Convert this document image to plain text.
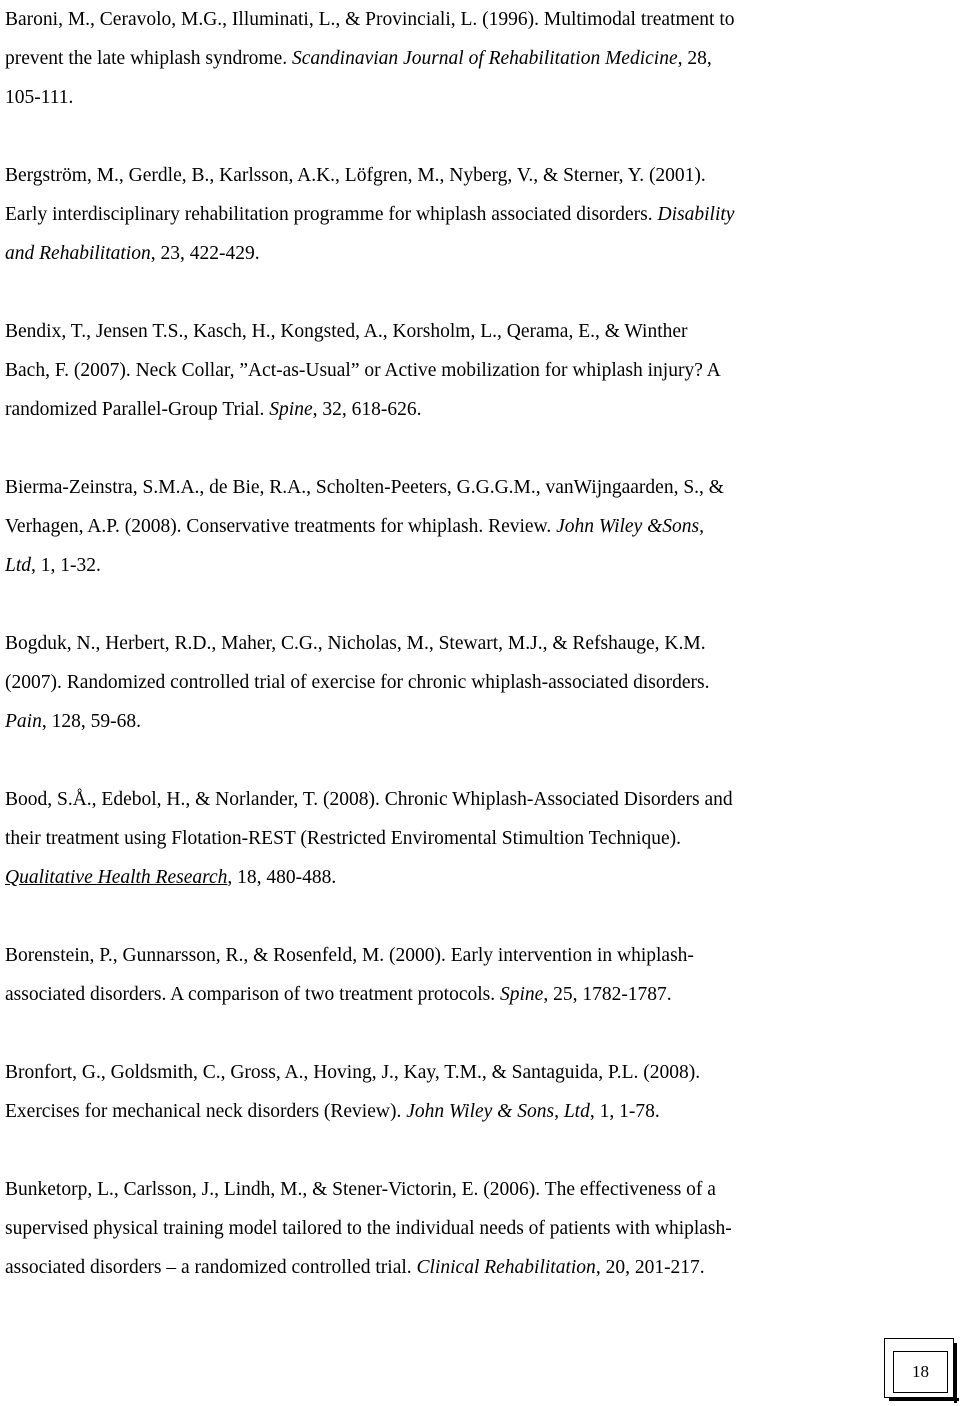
Baroni, M., Ceravolo, M.G., Illuminati, L., & Provinciali, L. (1996). Multimodal treatment to
prevent the late whiplash syndrome. Scandinavian Journal of Rehabilitation Medicine, 28,
105-111.
Bergström, M., Gerdle, B., Karlsson, A.K., Löfgren, M., Nyberg, V., & Sterner, Y. (2001).
Early interdisciplinary rehabilitation programme for whiplash associated disorders. Disability
and Rehabilitation, 23, 422-429.
Bendix, T., Jensen T.S., Kasch, H., Kongsted, A., Korsholm, L., Qerama, E., & Winther
Bach, F. (2007). Neck Collar, ”Act-as-Usual” or Active mobilization for whiplash injury? A
randomized Parallel-Group Trial. Spine, 32, 618-626.
Bierma-Zeinstra, S.M.A., de Bie, R.A., Scholten-Peeters, G.G.G.M., vanWijngaarden, S., &
Verhagen, A.P. (2008). Conservative treatments for whiplash. Review. John Wiley &Sons,
Ltd, 1, 1-32.
Bogduk, N., Herbert, R.D., Maher, C.G., Nicholas, M., Stewart, M.J., & Refshauge, K.M.
(2007). Randomized controlled trial of exercise for chronic whiplash-associated disorders.
Pain, 128, 59-68.
Bood, S.Å., Edebol, H., & Norlander, T. (2008). Chronic Whiplash-Associated Disorders and
their treatment using Flotation-REST (Restricted Enviromental Stimultion Technique).
Qualitative Health Research, 18, 480-488.
Borenstein, P., Gunnarsson, R., & Rosenfeld, M. (2000). Early intervention in whiplash-
associated disorders. A comparison of two treatment protocols. Spine, 25, 1782-1787.
Bronfort, G., Goldsmith, C., Gross, A., Hoving, J., Kay, T.M., & Santaguida, P.L. (2008).
Exercises for mechanical neck disorders (Review). John Wiley & Sons, Ltd, 1, 1-78.
Bunketorp, L., Carlsson, J., Lindh, M., & Stener-Victorin, E. (2006). The effectiveness of a
supervised physical training model tailored to the individual needs of patients with whiplash-
associated disorders – a randomized controlled trial. Clinical Rehabilitation, 20, 201-217.
18
